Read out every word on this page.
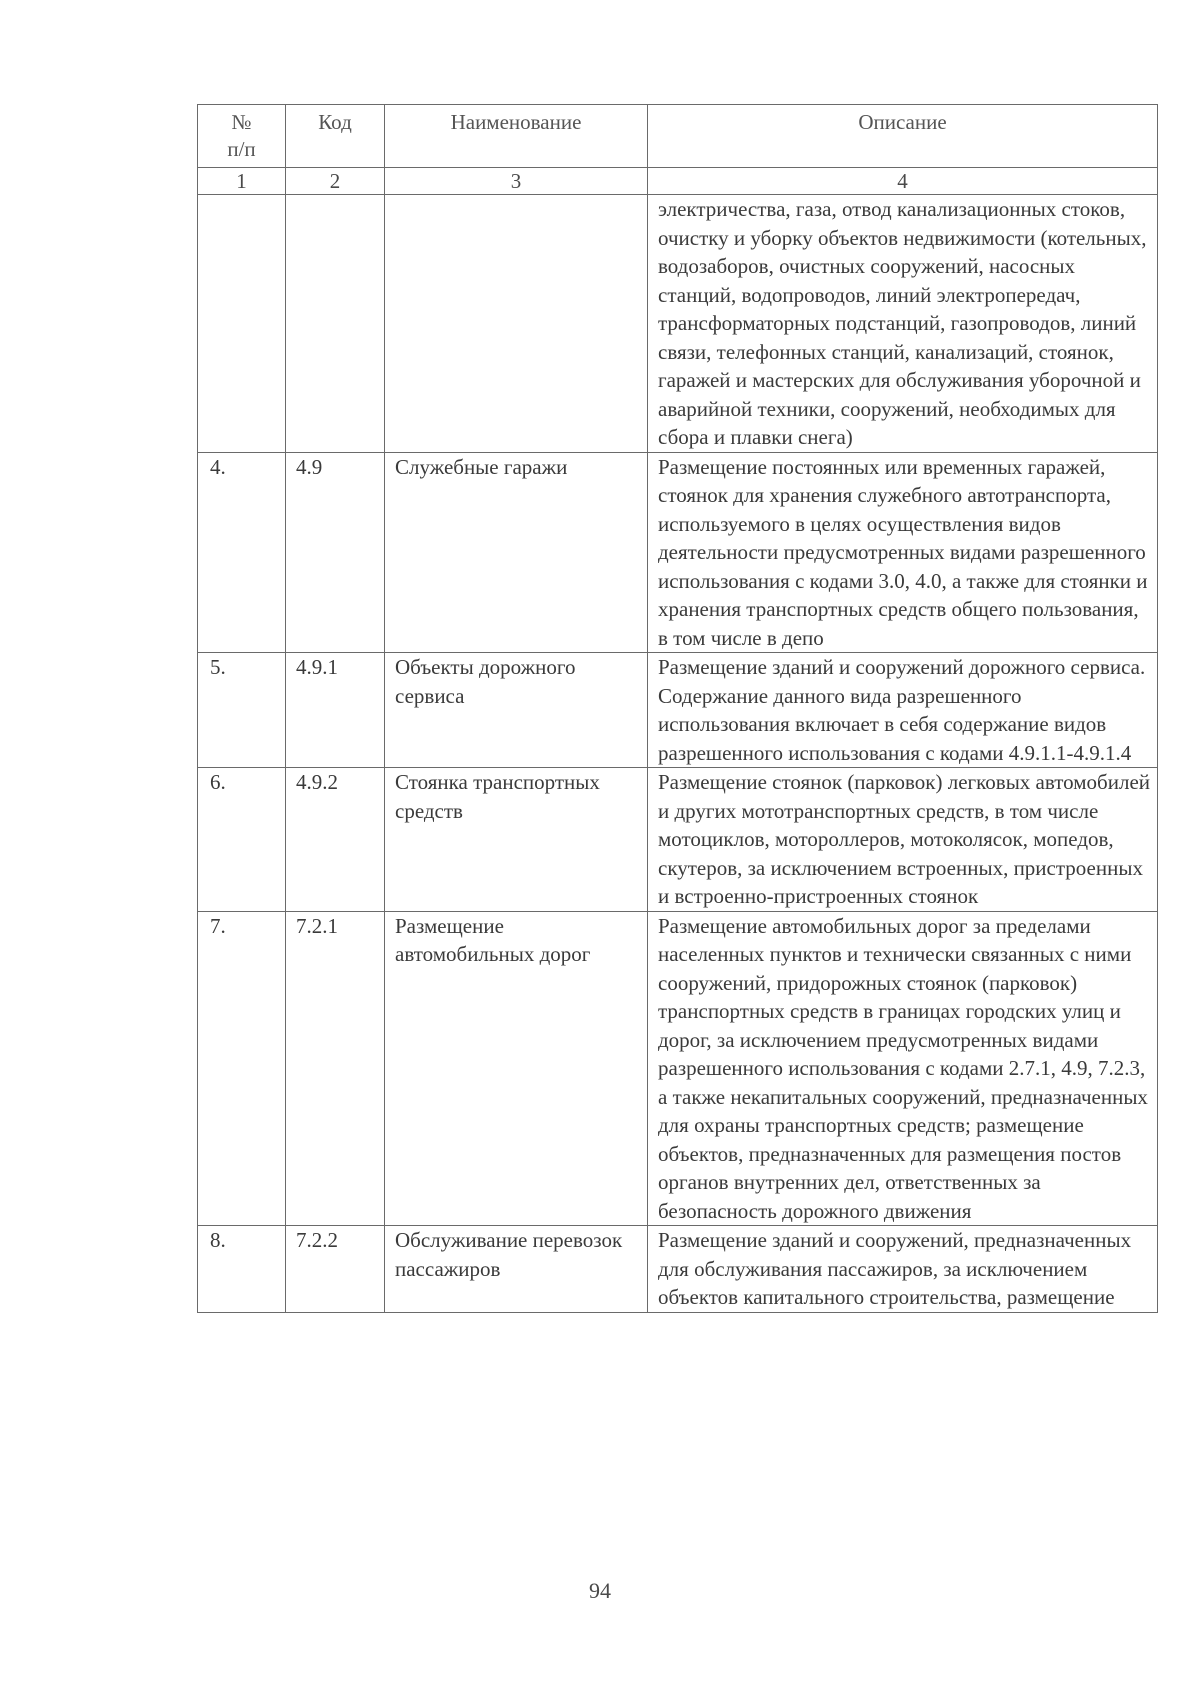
№
п/п	Код	Наименование	Описание
1	2	3	4
			электричества, газа, отвод канализационных стоков, очистку и уборку объектов недвижимости (котельных, водозаборов, очистных сооружений, насосных станций, водопроводов, линий электропередач, трансформаторных подстанций, газопроводов, линий связи, телефонных станций, канализаций, стоянок, гаражей и мастерских для обслуживания уборочной и аварийной техники, сооружений, необходимых для сбора и плавки снега)
4.	4.9	Служебные гаражи	Размещение постоянных или временных гаражей, стоянок для хранения служебного автотранспорта, используемого в целях осуществления видов деятельности предусмотренных видами разрешенного использования с кодами 3.0, 4.0, а также для стоянки и хранения транспортных средств общего пользования, в том числе в депо
5.	4.9.1	Объекты дорожного сервиса	Размещение зданий и сооружений дорожного сервиса. Содержание данного вида разрешенного использования включает в себя содержание видов разрешенного использования с кодами 4.9.1.1-4.9.1.4
6.	4.9.2	Стоянка транспортных средств	Размещение стоянок (парковок) легковых автомобилей и других мототранспортных средств, в том числе мотоциклов, мотороллеров, мотоколясок, мопедов, скутеров, за исключением встроенных, пристроенных и встроенно-пристроенных стоянок
7.	7.2.1	Размещение автомобильных дорог	Размещение автомобильных дорог за пределами населенных пунктов и технически связанных с ними сооружений, придорожных стоянок (парковок) транспортных средств в границах городских улиц и дорог, за исключением предусмотренных видами разрешенного использования с кодами 2.7.1, 4.9, 7.2.3, а также некапитальных сооружений, предназначенных для охраны транспортных средств; размещение объектов, предназначенных для размещения постов органов внутренних дел, ответственных за безопасность дорожного движения
8.	7.2.2	Обслуживание перевозок пассажиров	Размещение зданий и сооружений, предназначенных для обслуживания пассажиров, за исключением объектов капитального строительства, размещение
94
